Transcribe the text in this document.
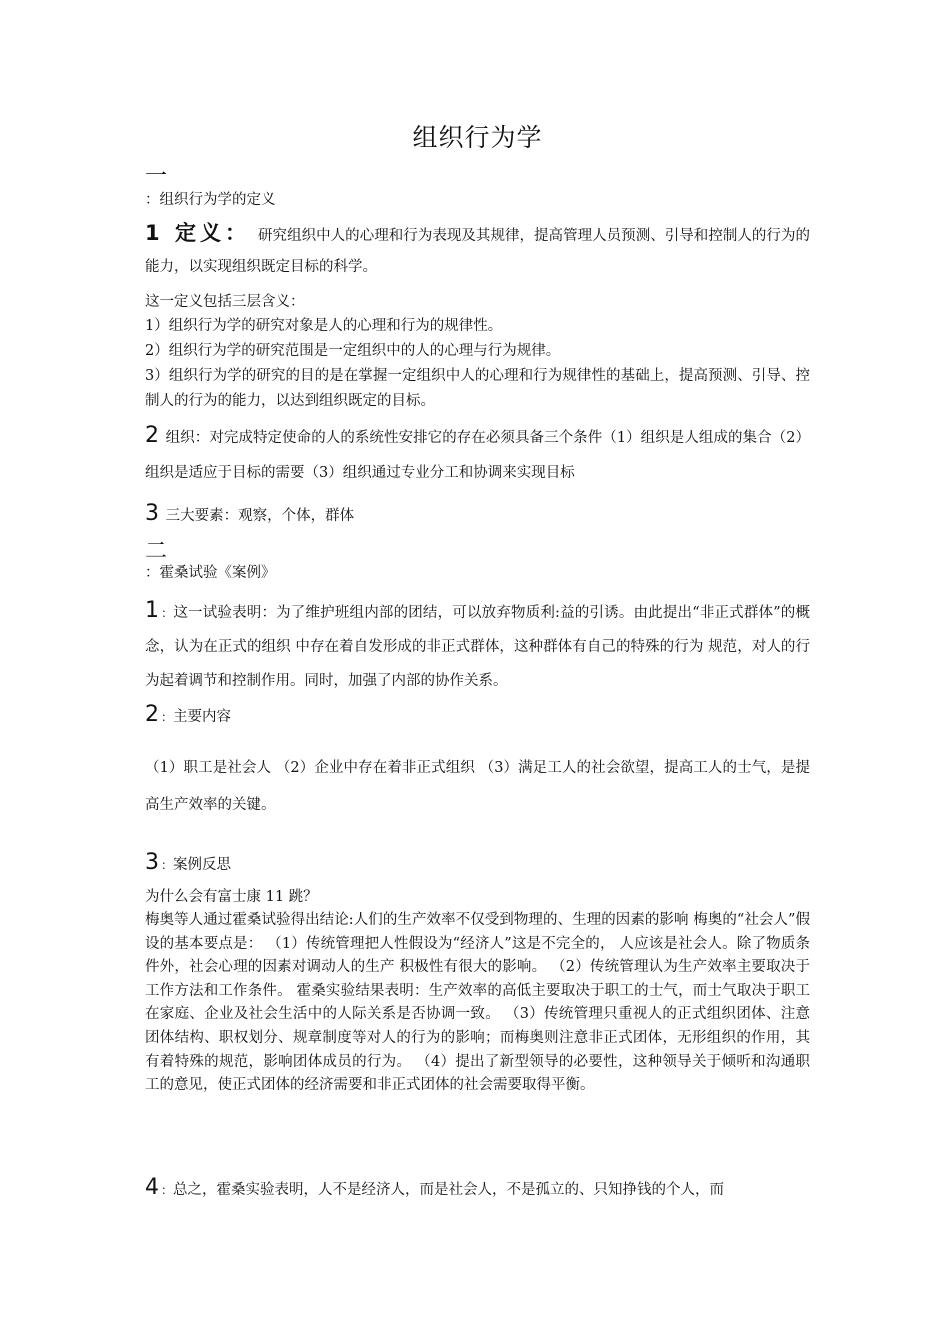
组织行为学
一
：组织行为学的定义
1 定义： 研究组织中人的心理和行为表现及其规律，提高管理人员预测、引导和控制人的行为的能力，以实现组织既定目标的科学。
这一定义包括三层含义：
1）组织行为学的研究对象是人的心理和行为的规律性。
2）组织行为学的研究范围是一定组织中的人的心理与行为规律。
3）组织行为学的研究的目的是在掌握一定组织中人的心理和行为规律性的基础上，提高预测、引导、控制人的行为的能力，以达到组织既定的目标。
2 组织：对完成特定使命的人的系统性安排它的存在必须具备三个条件（1）组织是人组成的集合（2）组织是适应于目标的需要（3）组织通过专业分工和协调来实现目标
3 三大要素：观察，个体，群体
二
：霍桑试验《案例》
1 ：这一试验表明：为了维护班组内部的团结，可以放弃物质利:益的引诱。由此提出“非正式群体”的概念，认为在正式的组织 中存在着自发形成的非正式群体，这种群体有自己的特殊的行为 规范，对人的行为起着调节和控制作用。同时，加强了内部的协作关系。
2 ：主要内容
（1）职工是社会人 （2）企业中存在着非正式组织 （3）满足工人的社会欲望，提高工人的士气，是提高生产效率的关键。
3 ：案例反思
为什么会有富士康 11 跳？
梅奥等人通过霍桑试验得出结论:人们的生产效率不仅受到物理的、生理的因素的影响 梅奥的“社会人”假设的基本要点是： （1）传统管理把人性假设为“经济人”这是不完全的， 人应该是社会人。除了物质条件外，社会心理的因素对调动人的生产 积极性有很大的影响。 （2）传统管理认为生产效率主要取决于工作方法和工作条件。 霍桑实验结果表明：生产效率的高低主要取决于职工的士气，而士气取决于职工在家庭、企业及社会生活中的人际关系是否协调一致。 （3）传统管理只重视人的正式组织团体、注意团体结构、职权划分、规章制度等对人的行为的影响；而梅奥则注意非正式团体，无形组织的作用，其有着特殊的规范，影响团体成员的行为。 （4）提出了新型领导的必要性，这种领导关于倾听和沟通职工的意见，使正式团体的经济需要和非正式团体的社会需要取得平衡。
4 ：总之，霍桑实验表明，人不是经济人，而是社会人，不是孤立的、只知挣钱的个人，而
